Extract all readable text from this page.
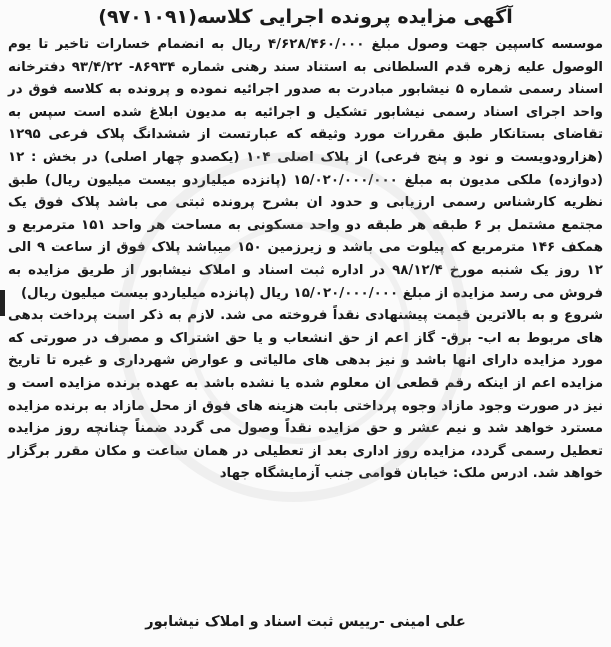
آگهی مزایده پرونده اجرایی کلاسه(۹۷۰۱۰۹۱)

موسسه کاسپین جهت وصول مبلغ ۴/۶۲۸/۴۶۰/۰۰۰ ریال به انضمام خسارات تاخیر تا یوم الوصول علیه زهره قدم السلطانی به استناد سند رهنی شماره ۸۶۹۳۴- ۹۳/۴/۲۲ دفترخانه اسناد رسمی شماره ۵ نیشابور مبادرت به صدور اجرائیه نموده و پرونده به کلاسه فوق در واحد اجرای اسناد رسمی نیشابور تشکیل و اجرائیه به مدیون ابلاغ شده است سپس به تقاضای بستانکار طبق مقررات مورد وثیقه که عبارتست از ششدانگ پلاک فرعی ۱۲۹۵ (هزارودویست و نود و پنج فرعی) از پلاک اصلی ۱۰۴ (یکصدو چهار اصلی) در بخش : ۱۲ (دوازده) ملکی مدیون به مبلغ ۱۵/۰۲۰/۰۰۰/۰۰۰ (پانزده میلیاردو بیست میلیون ریال) طبق نظریه کارشناس رسمی ارزیابی و حدود ان بشرح پرونده ثبتی می باشد پلاک فوق یک مجتمع مشتمل بر ۶ طبقه هر طبقه دو واحد مسکونی به مساحت هر واحد ۱۵۱ مترمربع و همکف ۱۴۶ مترمربع که پیلوت می باشد و زیرزمین ۱۵۰ میباشد پلاک فوق از ساعت ۹ الی ۱۲ روز یک شنبه مورخ ۹۸/۱۲/۴ در اداره ثبت اسناد و املاک نیشابور از طریق مزایده به فروش می رسد مزایده از مبلغ ۱۵/۰۲۰/۰۰۰/۰۰۰ ریال (پانزده میلیاردو بیست میلیون ریال)

شروع و به بالاترین قیمت پیشنهادی نقداً فروخته می شد. لازم به ذکر است پرداخت بدهی های مربوط به اب- برق- گاز اعم از حق انشعاب و یا حق اشتراک و مصرف در صورتی که مورد مزایده دارای انها باشد و نیز بدهی های مالیاتی و عوارض شهرداری و غیره تا تاریخ مزایده اعم از اینکه رقم قطعی ان معلوم شده یا نشده باشد به عهده برنده مزایده است و نیز در صورت وجود مازاد وجوه پرداختی بابت هزینه های فوق از محل مازاد به برنده مزایده مسترد خواهد شد و نیم عشر و حق مزایده نقداً وصول می گردد ضمناً چنانچه روز مزایده تعطیل رسمی گردد، مزایده روز اداری بعد از تعطیلی در همان ساعت و مکان مقرر برگزار خواهد شد. ادرس ملک: خیابان قوامی جنب آزمایشگاه جهاد

علی امینی -رییس ثبت اسناد و املاک نیشابور
